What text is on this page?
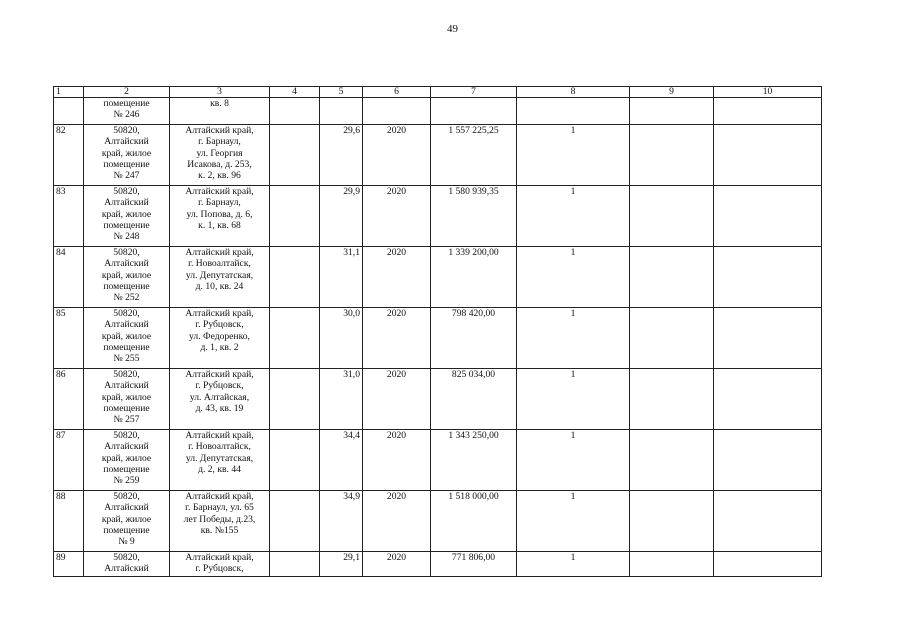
49
1	2	3	4	5	6	7	8	9	10

	помещение
№ 246	кв. 8							

82	50820,
Алтайский
край, жилое
помещение
№ 247	Алтайский край,
г. Барнаул,
ул. Георгия
Исакова, д. 253,
к. 2, кв. 96		29,6	2020	1 557 225,25	1		
83	50820,
Алтайский
край, жилое
помещение
№ 248	Алтайский край,
г. Барнаул,
ул. Попова, д. 6,
к. 1, кв. 68		29,9	2020	1 580 939,35	1		
84	50820,
Алтайский
край, жилое
помещение
№ 252	Алтайский край,
г. Новоалтайск,
ул. Депутатская,
д. 10, кв. 24		31,1	2020	1 339 200,00	1		
85	50820,
Алтайский
край, жилое
помещение
№ 255	Алтайский край,
г. Рубцовск,
ул. Федоренко,
д. 1, кв. 2		30,0	2020	798 420,00	1		
86	50820,
Алтайский
край, жилое
помещение
№ 257	Алтайский край,
г. Рубцовск,
ул. Алтайская,
д. 43, кв. 19		31,0	2020	825 034,00	1		
87	50820,
Алтайский
край, жилое
помещение
№ 259	Алтайский край,
г. Новоалтайск,
ул. Депутатская,
д. 2, кв. 44		34,4	2020	1 343 250,00	1		
88	50820,
Алтайский
край, жилое
помещение
№ 9	Алтайский край,
г. Барнаул, ул. 65
лет Победы, д.23,
кв. №155		34,9	2020	1 518 000,00	1		
89	50820,
Алтайский	Алтайский край,
г. Рубцовск,		29,1	2020	771 806,00	1		
